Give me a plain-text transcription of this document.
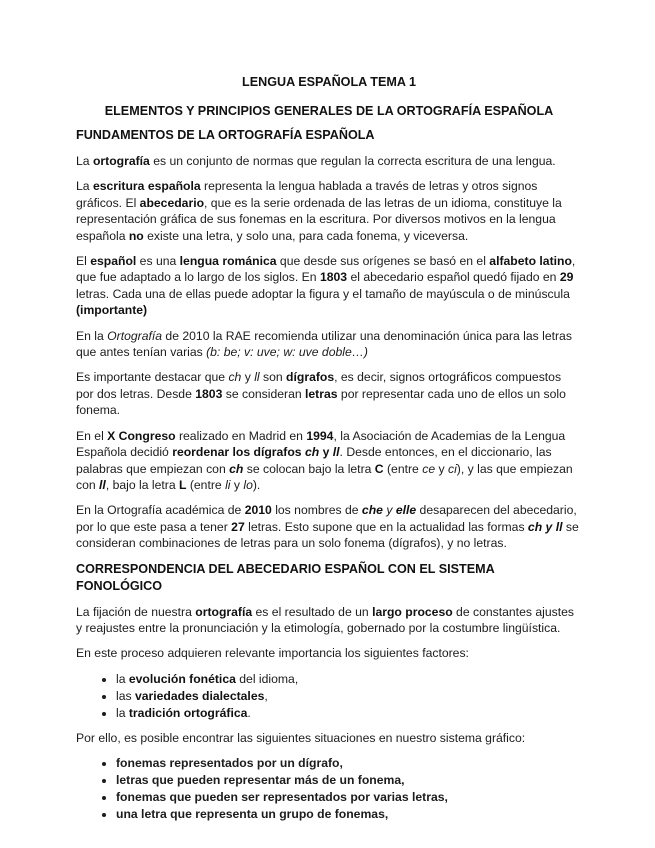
LENGUA ESPAÑOLA TEMA 1
ELEMENTOS Y PRINCIPIOS GENERALES DE LA ORTOGRAFÍA ESPAÑOLA
FUNDAMENTOS DE LA ORTOGRAFÍA ESPAÑOLA

La ortografía es un conjunto de normas que regulan la correcta escritura de una lengua.

La escritura española representa la lengua hablada a través de letras y otros signos gráficos. El abecedario, que es la serie ordenada de las letras de un idioma, constituye la representación gráfica de sus fonemas en la escritura. Por diversos motivos en la lengua española no existe una letra, y solo una, para cada fonema, y viceversa.

El español es una lengua románica que desde sus orígenes se basó en el alfabeto latino, que fue adaptado a lo largo de los siglos. En 1803 el abecedario español quedó fijado en 29 letras. Cada una de ellas puede adoptar la figura y el tamaño de mayúscula o de minúscula (importante)

En la Ortografía de 2010 la RAE recomienda utilizar una denominación única para las letras que antes tenían varias (b: be; v: uve; w: uve doble…)

Es importante destacar que ch y ll son dígrafos, es decir, signos ortográficos compuestos por dos letras. Desde 1803 se consideran letras por representar cada uno de ellos un solo fonema.

En el X Congreso realizado en Madrid en 1994, la Asociación de Academias de la Lengua Española decidió reordenar los dígrafos ch y ll. Desde entonces, en el diccionario, las palabras que empiezan con ch se colocan bajo la letra C (entre ce y ci), y las que empiezan con ll, bajo la letra L (entre li y lo).

En la Ortografía académica de 2010 los nombres de che y elle desaparecen del abecedario, por lo que este pasa a tener 27 letras. Esto supone que en la actualidad las formas ch y ll se consideran combinaciones de letras para un solo fonema (dígrafos), y no letras.

CORRESPONDENCIA DEL ABECEDARIO ESPAÑOL CON EL SISTEMA FONOLÓGICO

La fijación de nuestra ortografía es el resultado de un largo proceso de constantes ajustes y reajustes entre la pronunciación y la etimología, gobernado por la costumbre lingüística.

En este proceso adquieren relevante importancia los siguientes factores:

• la evolución fonética del idioma,
• las variedades dialectales,
• la tradición ortográfica.

Por ello, es posible encontrar las siguientes situaciones en nuestro sistema gráfico:

• fonemas representados por un dígrafo,
• letras que pueden representar más de un fonema,
• fonemas que pueden ser representados por varias letras,
• una letra que representa un grupo de fonemas,
